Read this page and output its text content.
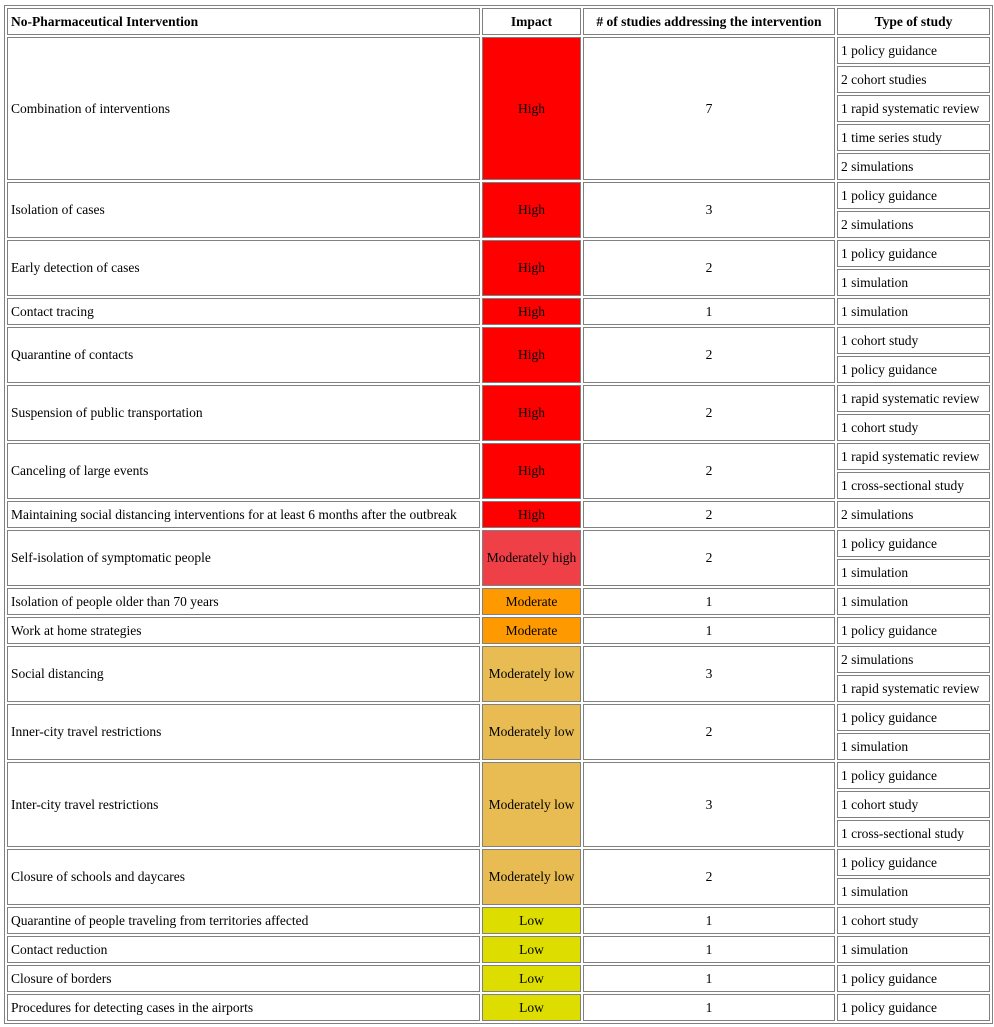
No-Pharmaceutical Intervention	Impact	# of studies addressing the intervention	Type of study
Combination of interventions	High	7	1 policy guidance
			2 cohort studies
			1 rapid systematic review
			1 time series study
			2 simulations
Isolation of cases	High	3	1 policy guidance
			2 simulations
Early detection of cases	High	2	1 policy guidance
			1 simulation
Contact tracing	High	1	1 simulation
Quarantine of contacts	High	2	1 cohort study
			1 policy guidance
Suspension of public transportation	High	2	1 rapid systematic review
			1 cohort study
Canceling of large events	High	2	1 rapid systematic review
			1 cross-sectional study
Maintaining social distancing interventions for at least 6 months after the outbreak	High	2	2 simulations
Self-isolation of symptomatic people	Moderately high	2	1 policy guidance
			1 simulation
Isolation of people older than 70 years	Moderate	1	1 simulation
Work at home strategies	Moderate	1	1 policy guidance
Social distancing	Moderately low	3	2 simulations
			1 rapid systematic review
Inner-city travel restrictions	Moderately low	2	1 policy guidance
			1 simulation
Inter-city travel restrictions	Moderately low	3	1 policy guidance
			1 cohort study
			1 cross-sectional study
Closure of schools and daycares	Moderately low	2	1 policy guidance
			1 simulation
Quarantine of people traveling from territories affected	Low	1	1 cohort study
Contact reduction	Low	1	1 simulation
Closure of borders	Low	1	1 policy guidance
Procedures for detecting cases in the airports	Low	1	1 policy guidance
